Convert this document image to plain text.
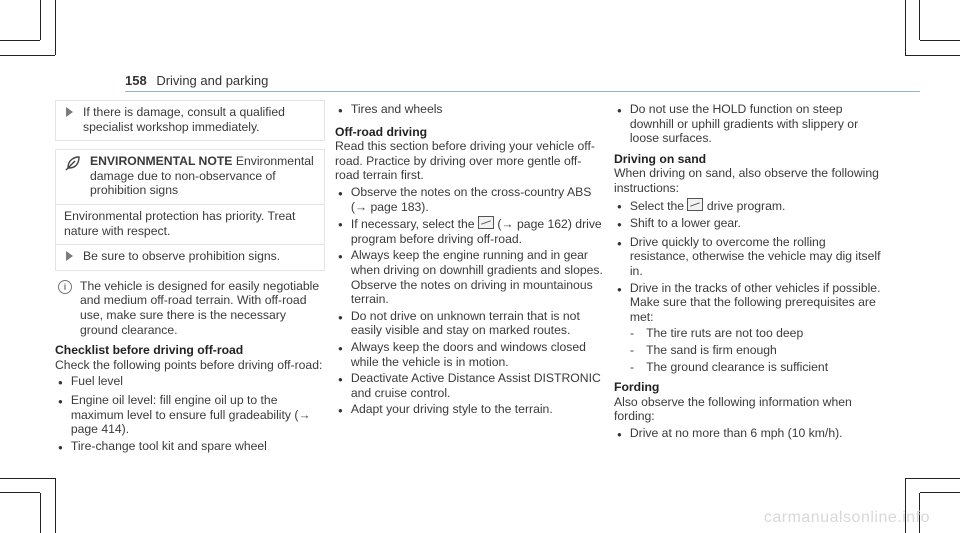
158 Driving and parking
If there is damage, consult a qualified specialist workshop immediately.
ENVIRONMENTAL NOTE Environmental damage due to non-observance of prohibition signs
Environmental protection has priority. Treat nature with respect.
Be sure to observe prohibition signs.
i	The vehicle is designed for easily negotiable and medium off-road terrain. With off-road use, make sure there is the necessary ground clearance.
Checklist before driving off-road
Check the following points before driving off-road:
● Fuel level
● Engine oil level: fill engine oil up to the maximum level to ensure full gradeability (→ page 414).
● Tire-change tool kit and spare wheel
● Tires and wheels
Off-road driving
Read this section before driving your vehicle off-road. Practice by driving over more gentle off-road terrain first.
● Observe the notes on the cross-country ABS (→ page 183).
● If necessary, select the (→ page 162) drive program before driving off-road.
● Always keep the engine running and in gear when driving on downhill gradients and slopes. Observe the notes on driving in mountainous terrain.
● Do not drive on unknown terrain that is not easily visible and stay on marked routes.
● Always keep the doors and windows closed while the vehicle is in motion.
● Deactivate Active Distance Assist DISTRONIC and cruise control.
● Adapt your driving style to the terrain.
● Do not use the HOLD function on steep downhill or uphill gradients with slippery or loose surfaces.
Driving on sand
When driving on sand, also observe the following instructions:
● Select the drive program.
● Shift to a lower gear.
● Drive quickly to overcome the rolling resistance, otherwise the vehicle may dig itself in.
● Drive in the tracks of other vehicles if possible. Make sure that the following prerequisites are met:
- The tire ruts are not too deep
- The sand is firm enough
- The ground clearance is sufficient
Fording
Also observe the following information when fording:
● Drive at no more than 6 mph (10 km/h).
carmanualsonline.info
